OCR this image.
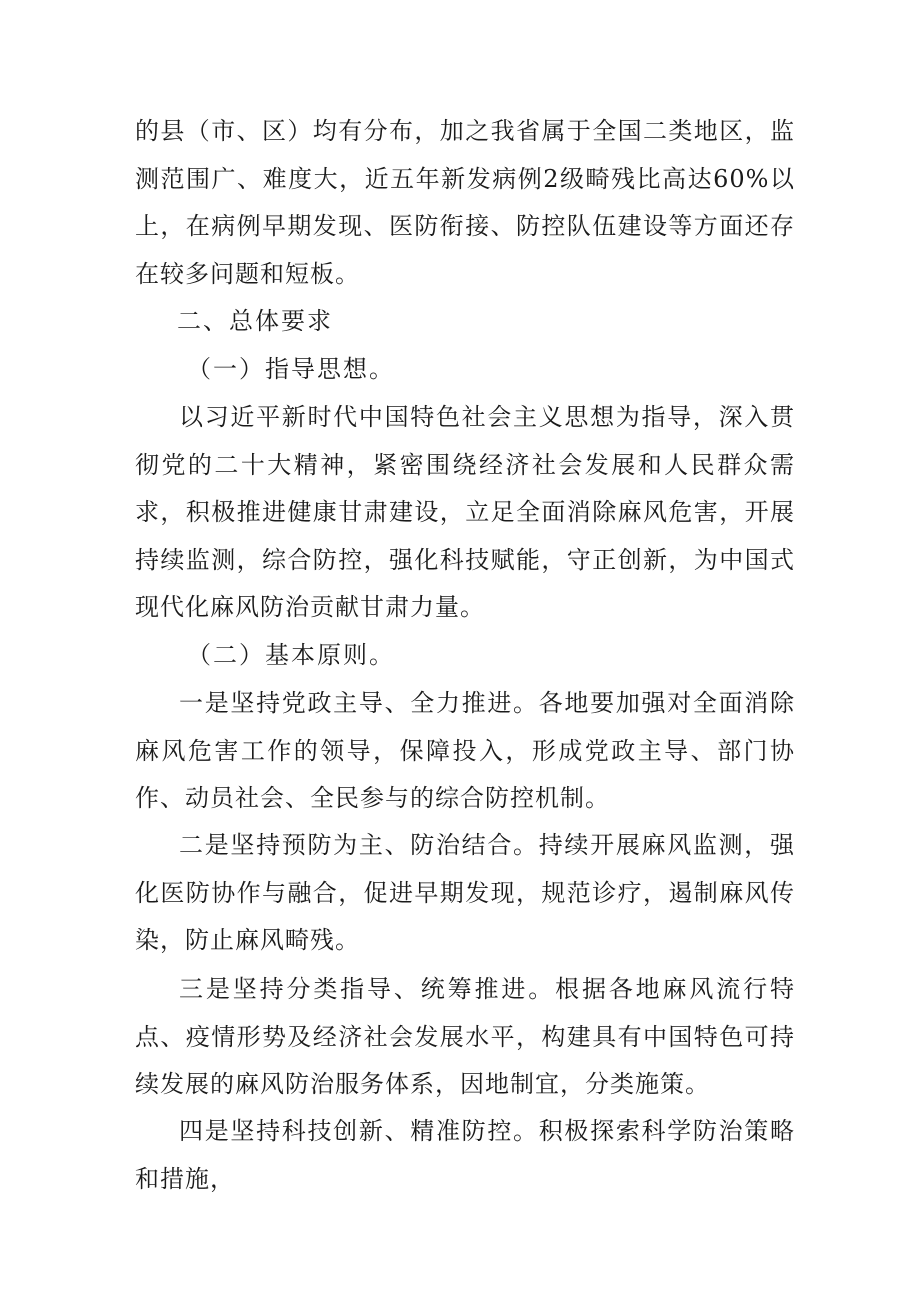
的县（市、区）均有分布，加之我省属于全国二类地区，监测范围广、难度大，近五年新发病例2级畸残比高达60%以上，在病例早期发现、医防衔接、防控队伍建设等方面还存在较多问题和短板。

二、总体要求

（一）指导思想。

以习近平新时代中国特色社会主义思想为指导，深入贯彻党的二十大精神，紧密围绕经济社会发展和人民群众需求，积极推进健康甘肃建设，立足全面消除麻风危害，开展持续监测，综合防控，强化科技赋能，守正创新，为中国式现代化麻风防治贡献甘肃力量。

（二）基本原则。

一是坚持党政主导、全力推进。各地要加强对全面消除麻风危害工作的领导，保障投入，形成党政主导、部门协作、动员社会、全民参与的综合防控机制。

二是坚持预防为主、防治结合。持续开展麻风监测，强化医防协作与融合，促进早期发现，规范诊疗，遏制麻风传染，防止麻风畸残。

三是坚持分类指导、统筹推进。根据各地麻风流行特点、疫情形势及经济社会发展水平，构建具有中国特色可持续发展的麻风防治服务体系，因地制宜，分类施策。

四是坚持科技创新、精准防控。积极探索科学防治策略和措施，
